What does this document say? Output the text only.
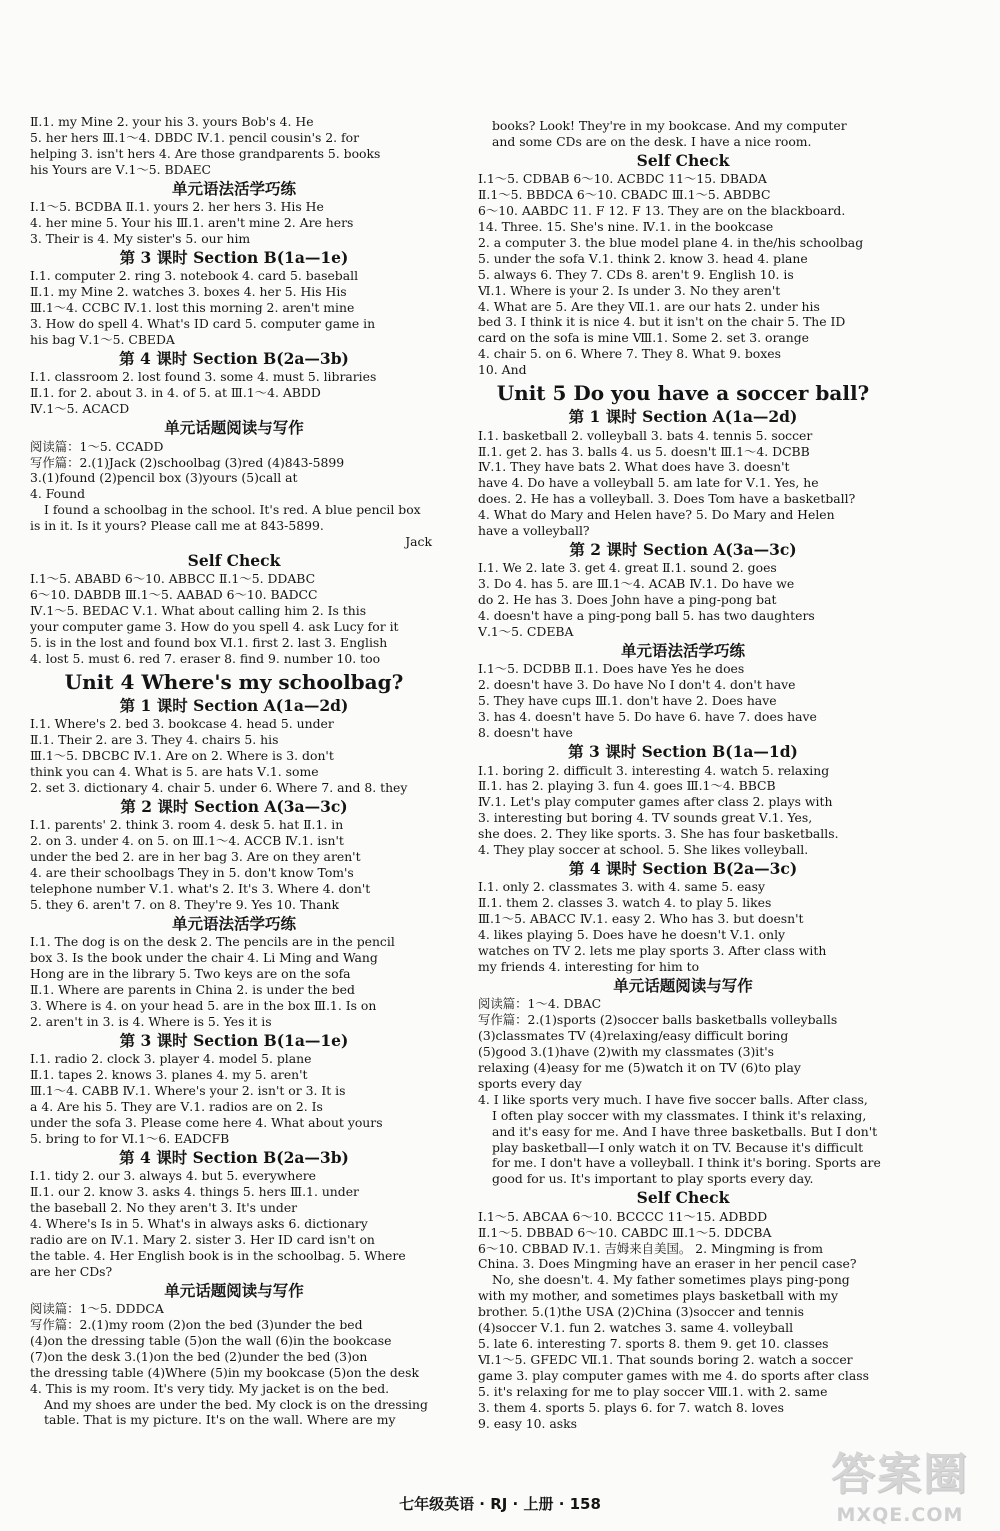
Ⅱ.1. my Mine 2. your his 3. yours Bob's 4. He
5. her hers Ⅲ.1～4. DBDC Ⅳ.1. pencil cousin's 2. for
helping 3. isn't hers 4. Are those grandparents 5. books
his Yours are Ⅴ.1～5. BDAEC
单元语法活学巧练
Ⅰ.1～5. BCDBA Ⅱ.1. yours 2. her hers 3. His He
4. her mine 5. Your his Ⅲ.1. aren't mine 2. Are hers
3. Their is 4. My sister's 5. our him
第 3 课时 Section B(1a—1e)
Ⅰ.1. computer 2. ring 3. notebook 4. card 5. baseball
Ⅱ.1. my Mine 2. watches 3. boxes 4. her 5. His His
Ⅲ.1～4. CCBC Ⅳ.1. lost this morning 2. aren't mine
3. How do spell 4. What's ID card 5. computer game in
his bag Ⅴ.1～5. CBEDA
第 4 课时 Section B(2a—3b)
Ⅰ.1. classroom 2. lost found 3. some 4. must 5. libraries
Ⅱ.1. for 2. about 3. in 4. of 5. at Ⅲ.1～4. ABDD
Ⅳ.1～5. ACACD
单元话题阅读与写作
阅读篇：1～5. CCADD
写作篇：2.(1)Jack (2)schoolbag (3)red (4)843-5899
3.(1)found (2)pencil box (3)yours (5)call at
4. Found
I found a schoolbag in the school. It's red. A blue pencil box
is in it. Is it yours? Please call me at 843-5899.
Jack
Self Check
Ⅰ.1～5. ABABD 6～10. ABBCC Ⅱ.1～5. DDABC
6～10. DABDB Ⅲ.1～5. AABAD 6～10. BADCC
Ⅳ.1～5. BEDAC Ⅴ.1. What about calling him 2. Is this
your computer game 3. How do you spell 4. ask Lucy for it
5. is in the lost and found box Ⅵ.1. first 2. last 3. English
4. lost 5. must 6. red 7. eraser 8. find 9. number 10. too
Unit 4 Where's my schoolbag?
第 1 课时 Section A(1a—2d)
Ⅰ.1. Where's 2. bed 3. bookcase 4. head 5. under
Ⅱ.1. Their 2. are 3. They 4. chairs 5. his
Ⅲ.1～5. DBCBC Ⅳ.1. Are on 2. Where is 3. don't
think you can 4. What is 5. are hats Ⅴ.1. some
2. set 3. dictionary 4. chair 5. under 6. Where 7. and 8. they
第 2 课时 Section A(3a—3c)
Ⅰ.1. parents' 2. think 3. room 4. desk 5. hat Ⅱ.1. in
2. on 3. under 4. on 5. on Ⅲ.1～4. ACCB Ⅳ.1. isn't
under the bed 2. are in her bag 3. Are on they aren't
4. are their schoolbags They in 5. don't know Tom's
telephone number Ⅴ.1. what's 2. It's 3. Where 4. don't
5. they 6. aren't 7. on 8. They're 9. Yes 10. Thank
单元语法活学巧练
Ⅰ.1. The dog is on the desk 2. The pencils are in the pencil
box 3. Is the book under the chair 4. Li Ming and Wang
Hong are in the library 5. Two keys are on the sofa
Ⅱ.1. Where are parents in China 2. is under the bed
3. Where is 4. on your head 5. are in the box Ⅲ.1. Is on
2. aren't in 3. is 4. Where is 5. Yes it is
第 3 课时 Section B(1a—1e)
Ⅰ.1. radio 2. clock 3. player 4. model 5. plane
Ⅱ.1. tapes 2. knows 3. planes 4. my 5. aren't
Ⅲ.1～4. CABB Ⅳ.1. Where's your 2. isn't or 3. It is
a 4. Are his 5. They are Ⅴ.1. radios are on 2. Is
under the sofa 3. Please come here 4. What about yours
5. bring to for Ⅵ.1～6. EADCFB
第 4 课时 Section B(2a—3b)
Ⅰ.1. tidy 2. our 3. always 4. but 5. everywhere
Ⅱ.1. our 2. know 3. asks 4. things 5. hers Ⅲ.1. under
the baseball 2. No they aren't 3. It's under
4. Where's Is in 5. What's in always asks 6. dictionary
radio are on Ⅳ.1. Mary 2. sister 3. Her ID card isn't on
the table. 4. Her English book is in the schoolbag. 5. Where
are her CDs?
单元话题阅读与写作
阅读篇：1～5. DDDCA
写作篇：2.(1)my room (2)on the bed (3)under the bed
(4)on the dressing table (5)on the wall (6)in the bookcase
(7)on the desk 3.(1)on the bed (2)under the bed (3)on
the dressing table (4)Where (5)in my bookcase (5)on the desk
4. This is my room. It's very tidy. My jacket is on the bed.
And my shoes are under the bed. My clock is on the dressing
table. That is my picture. It's on the wall. Where are my
books? Look! They're in my bookcase. And my computer
and some CDs are on the desk. I have a nice room.
Self Check
Ⅰ.1～5. CDBAB 6～10. ACBDC 11～15. DBADA
Ⅱ.1～5. BBDCA 6～10. CBADC Ⅲ.1～5. ABDBC
6～10. AABDC 11. F 12. F 13. They are on the blackboard.
14. Three. 15. She's nine. Ⅳ.1. in the bookcase
2. a computer 3. the blue model plane 4. in the/his schoolbag
5. under the sofa Ⅴ.1. think 2. know 3. head 4. plane
5. always 6. They 7. CDs 8. aren't 9. English 10. is
Ⅵ.1. Where is your 2. Is under 3. No they aren't
4. What are 5. Are they Ⅶ.1. are our hats 2. under his
bed 3. I think it is nice 4. but it isn't on the chair 5. The ID
card on the sofa is mine Ⅷ.1. Some 2. set 3. orange
4. chair 5. on 6. Where 7. They 8. What 9. boxes
10. And
Unit 5 Do you have a soccer ball?
第 1 课时 Section A(1a—2d)
Ⅰ.1. basketball 2. volleyball 3. bats 4. tennis 5. soccer
Ⅱ.1. get 2. has 3. balls 4. us 5. doesn't Ⅲ.1～4. DCBB
Ⅳ.1. They have bats 2. What does have 3. doesn't
have 4. Do have a volleyball 5. am late for Ⅴ.1. Yes, he
does. 2. He has a volleyball. 3. Does Tom have a basketball?
4. What do Mary and Helen have? 5. Do Mary and Helen
have a volleyball?
第 2 课时 Section A(3a—3c)
Ⅰ.1. We 2. late 3. get 4. great Ⅱ.1. sound 2. goes
3. Do 4. has 5. are Ⅲ.1～4. ACAB Ⅳ.1. Do have we
do 2. He has 3. Does John have a ping-pong bat
4. doesn't have a ping-pong ball 5. has two daughters
Ⅴ.1～5. CDEBA
单元语法活学巧练
Ⅰ.1～5. DCDBB Ⅱ.1. Does have Yes he does
2. doesn't have 3. Do have No I don't 4. don't have
5. They have cups Ⅲ.1. don't have 2. Does have
3. has 4. doesn't have 5. Do have 6. have 7. does have
8. doesn't have
第 3 课时 Section B(1a—1d)
Ⅰ.1. boring 2. difficult 3. interesting 4. watch 5. relaxing
Ⅱ.1. has 2. playing 3. fun 4. goes Ⅲ.1～4. BBCB
Ⅳ.1. Let's play computer games after class 2. plays with
3. interesting but boring 4. TV sounds great Ⅴ.1. Yes,
she does. 2. They like sports. 3. She has four basketballs.
4. They play soccer at school. 5. She likes volleyball.
第 4 课时 Section B(2a—3c)
Ⅰ.1. only 2. classmates 3. with 4. same 5. easy
Ⅱ.1. them 2. classes 3. watch 4. to play 5. likes
Ⅲ.1～5. ABACC Ⅳ.1. easy 2. Who has 3. but doesn't
4. likes playing 5. Does have he doesn't Ⅴ.1. only
watches on TV 2. lets me play sports 3. After class with
my friends 4. interesting for him to
单元话题阅读与写作
阅读篇：1～4. DBAC
写作篇：2.(1)sports (2)soccer balls basketballs volleyballs
(3)classmates TV (4)relaxing/easy difficult boring
(5)good 3.(1)have (2)with my classmates (3)it's
relaxing (4)easy for me (5)watch it on TV (6)to play
sports every day
4. I like sports very much. I have five soccer balls. After class,
I often play soccer with my classmates. I think it's relaxing,
and it's easy for me. And I have three basketballs. But I don't
play basketball—I only watch it on TV. Because it's difficult
for me. I don't have a volleyball. I think it's boring. Sports are
good for us. It's important to play sports every day.
Self Check
Ⅰ.1～5. ABCAA 6～10. BCCCC 11～15. ADBDD
Ⅱ.1～5. DBBAD 6～10. CABDC Ⅲ.1～5. DDCBA
6～10. CBBAD Ⅳ.1. 吉姆来自美国。 2. Mingming is from
China. 3. Does Mingming have an eraser in her pencil case?
No, she doesn't. 4. My father sometimes plays ping-pong
with my mother, and sometimes plays basketball with my
brother. 5.(1)the USA (2)China (3)soccer and tennis
(4)soccer Ⅴ.1. fun 2. watches 3. same 4. volleyball
5. late 6. interesting 7. sports 8. them 9. get 10. classes
Ⅵ.1～5. GFEDC Ⅶ.1. That sounds boring 2. watch a soccer
game 3. play computer games with me 4. do sports after class
5. it's relaxing for me to play soccer Ⅷ.1. with 2. same
3. them 4. sports 5. plays 6. for 7. watch 8. loves
9. easy 10. asks
七年级英语 · RJ · 上册 · 158
答案圈
MXQE.COM
